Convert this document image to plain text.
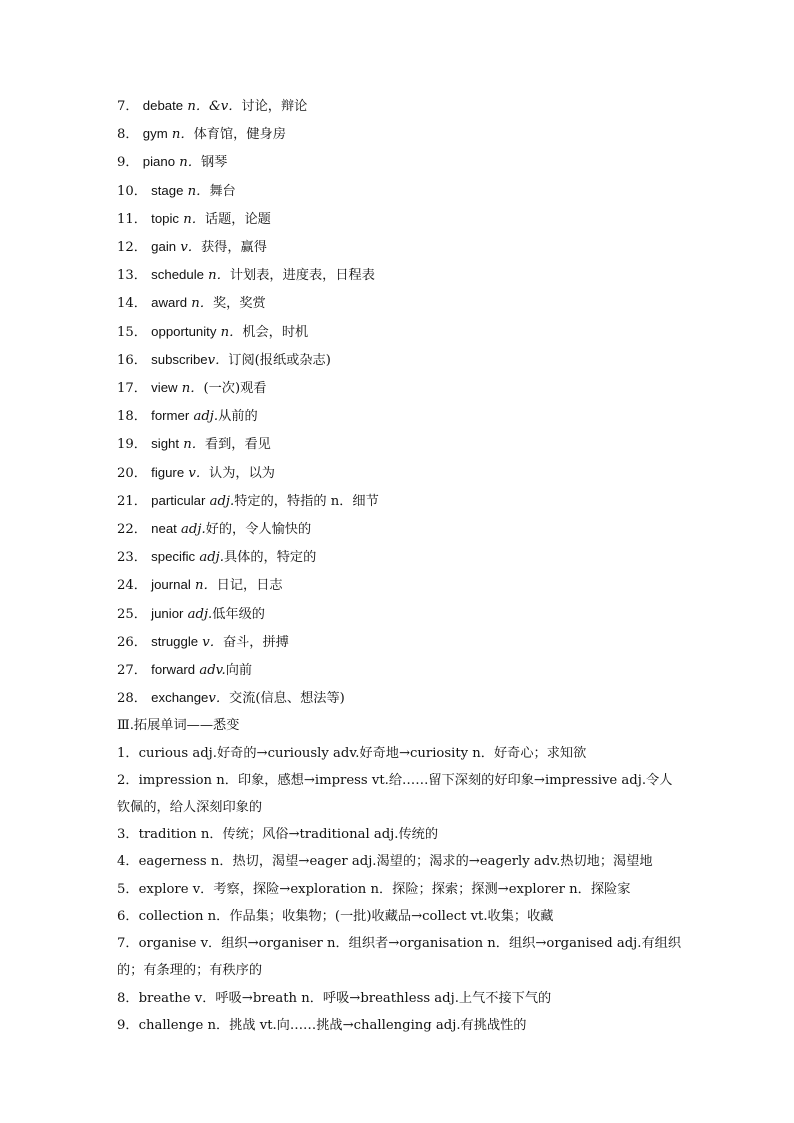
7． debate n．&v．讨论，辩论
8． gym n．体育馆，健身房
9． piano n．钢琴
10． stage n．舞台
11． topic n．话题，论题
12． gain v．获得，赢得
13． schedule n．计划表，进度表，日程表
14． award n．奖，奖赏
15． opportunity n．机会，时机
16． subscribev．订阅(报纸或杂志)
17． view n．(一次)观看
18． former adj.从前的
19． sight n．看到，看见
20． figure v．认为，以为
21． particular adj.特定的，特指的 n．细节
22． neat adj.好的，令人愉快的
23． specific adj.具体的，特定的
24． journal n．日记，日志
25． junior adj.低年级的
26． struggle v．奋斗，拼搏
27． forward adv.向前
28． exchangev．交流(信息、想法等)
Ⅲ.拓展单词——悉变
1．curious adj.好奇的→curiously adv.好奇地→curiosity n．好奇心；求知欲
2．impression n．印象，感想→impress vt.给……留下深刻的好印象→impressive adj.令人钦佩的，给人深刻印象的
3．tradition n．传统；风俗→traditional adj.传统的
4．eagerness n．热切，渴望→eager adj.渴望的；渴求的→eagerly adv.热切地；渴望地
5．explore v．考察，探险→exploration n．探险；探索；探测→explorer n．探险家
6．collection n．作品集；收集物；(一批)收藏品→collect vt.收集；收藏
7．organise v．组织→organiser n．组织者→organisation n．组织→organised adj.有组织的；有条理的；有秩序的
8．breathe v．呼吸→breath n．呼吸→breathless adj.上气不接下气的
9．challenge n．挑战 vt.向……挑战→challenging adj.有挑战性的
